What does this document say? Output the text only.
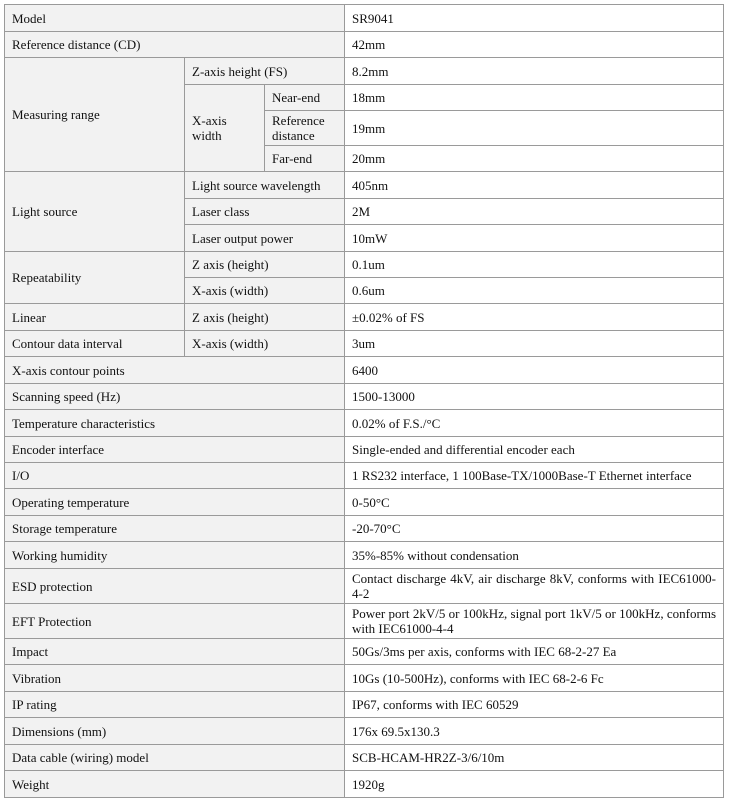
Model			SR9041
Reference distance (CD)			42mm
Measuring range	Z-axis height (FS)		8.2mm
	X-axis width	Near-end	18mm
		Reference distance	19mm
		Far-end	20mm
Light source	Light source wavelength		405nm
	Laser class		2M
	Laser output power		10mW
Repeatability	Z axis (height)		0.1um
	X-axis (width)		0.6um
Linear	Z axis (height)		±0.02% of FS
Contour data interval	X-axis (width)		3um
X-axis contour points			6400
Scanning speed (Hz)			1500-13000
Temperature characteristics			0.02% of F.S./°C
Encoder interface			Single-ended and differential encoder each
I/O			1 RS232 interface, 1 100Base-TX/1000Base-T Ethernet interface
Operating temperature			0-50°C
Storage temperature			-20-70°C
Working humidity			35%-85% without condensation
ESD protection			Contact discharge 4kV, air discharge 8kV, conforms with IEC61000-4-2
EFT Protection			Power port 2kV/5 or 100kHz, signal port 1kV/5 or 100kHz, conforms with IEC61000-4-4
Impact			50Gs/3ms per axis, conforms with IEC 68-2-27 Ea
Vibration			10Gs (10-500Hz), conforms with IEC 68-2-6 Fc
IP rating			IP67, conforms with IEC 60529
Dimensions (mm)			176x 69.5x130.3
Data cable (wiring) model			SCB-HCAM-HR2Z-3/6/10m
Weight			1920g
